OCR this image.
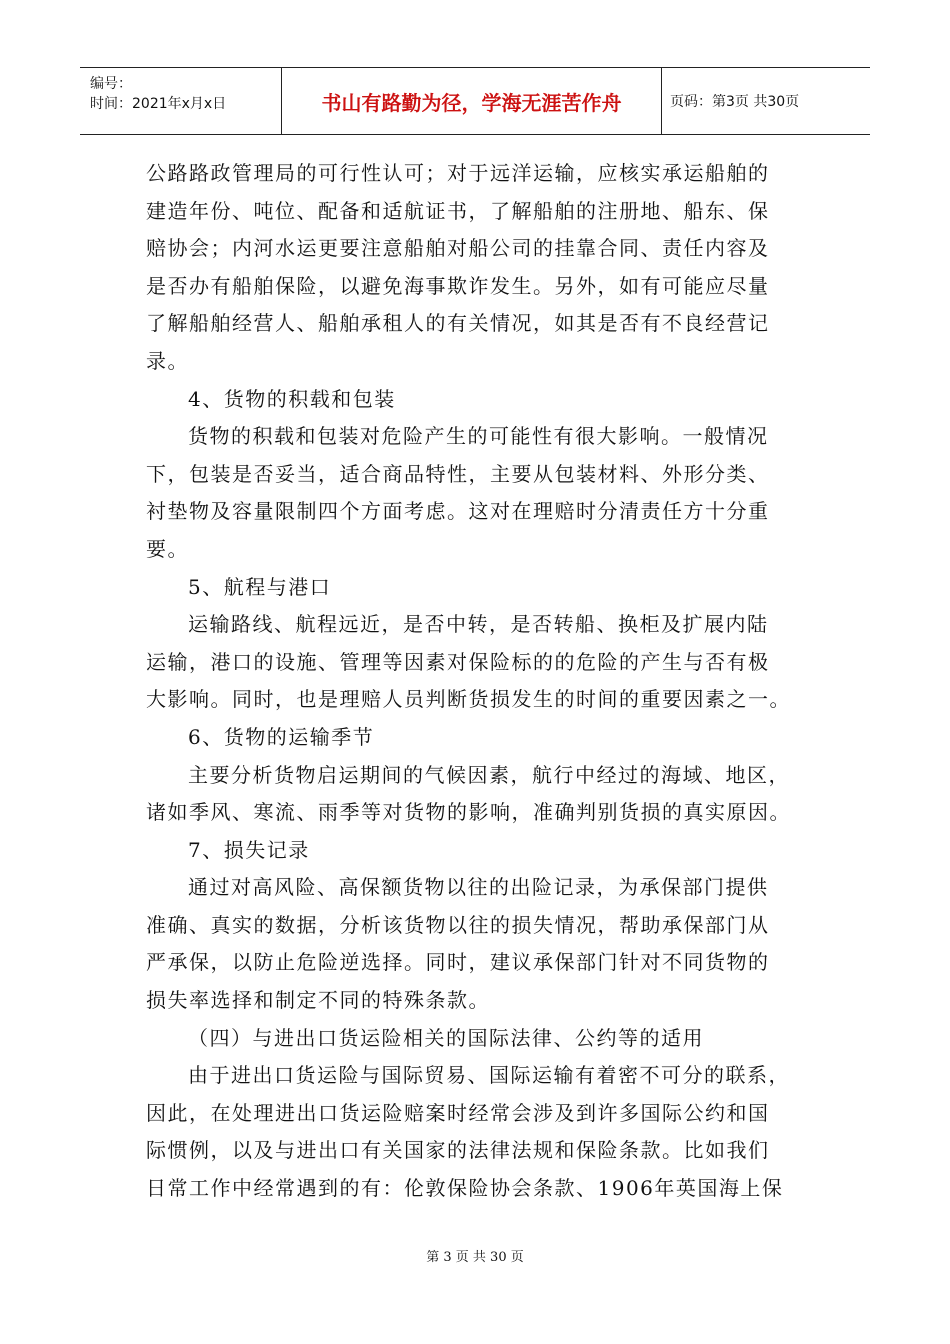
编号：
时间：2021年x月x日	书山有路勤为径，学海无涯苦作舟	页码：第3页 共30页
公路路政管理局的可行性认可；对于远洋运输，应核实承运船舶的
建造年份、吨位、配备和适航证书，了解船舶的注册地、船东、保
赔协会；内河水运更要注意船舶对船公司的挂靠合同、责任内容及
是否办有船舶保险，以避免海事欺诈发生。另外，如有可能应尽量
了解船舶经营人、船舶承租人的有关情况，如其是否有不良经营记
录。
4、货物的积载和包装
货物的积载和包装对危险产生的可能性有很大影响。一般情况
下，包装是否妥当，适合商品特性，主要从包装材料、外形分类、
衬垫物及容量限制四个方面考虑。这对在理赔时分清责任方十分重
要。
5、航程与港口
运输路线、航程远近，是否中转，是否转船、换柜及扩展内陆
运输，港口的设施、管理等因素对保险标的的危险的产生与否有极
大影响。同时，也是理赔人员判断货损发生的时间的重要因素之一。
6、货物的运输季节
主要分析货物启运期间的气候因素，航行中经过的海域、地区，
诸如季风、寒流、雨季等对货物的影响，准确判别货损的真实原因。
7、损失记录
通过对高风险、高保额货物以往的出险记录，为承保部门提供
准确、真实的数据，分析该货物以往的损失情况，帮助承保部门从
严承保，以防止危险逆选择。同时，建议承保部门针对不同货物的
损失率选择和制定不同的特殊条款。
（四）与进出口货运险相关的国际法律、公约等的适用
由于进出口货运险与国际贸易、国际运输有着密不可分的联系，
因此，在处理进出口货运险赔案时经常会涉及到许多国际公约和国
际惯例，以及与进出口有关国家的法律法规和保险条款。比如我们
日常工作中经常遇到的有：伦敦保险协会条款、1906年英国海上保
第 3 页 共 30 页
